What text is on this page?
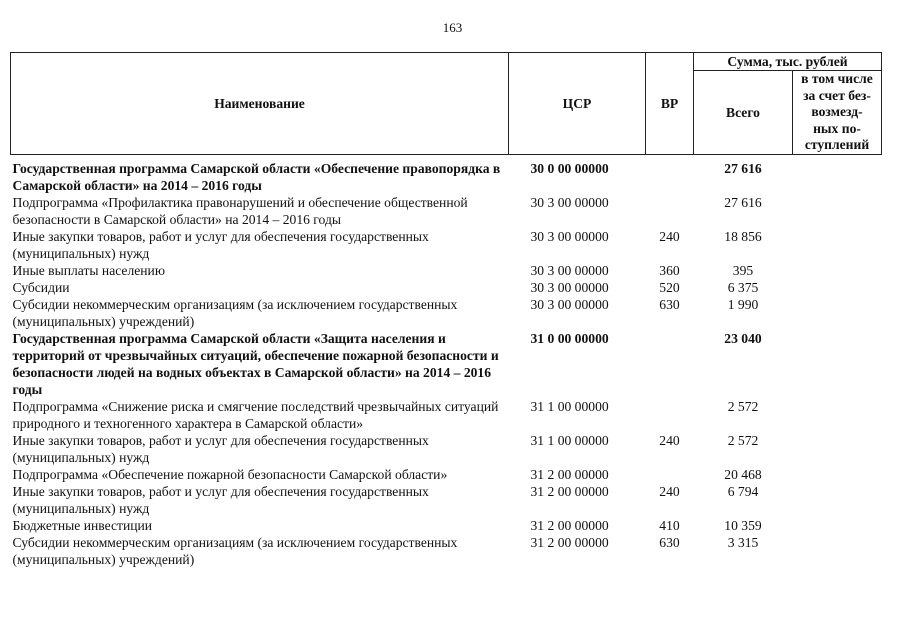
163
Наименование	ЦСР	ВР	Сумма, тыс. рублей	
			Всего	в том числе
за счет без-
возмезд-
ных по-
ступлений
Государственная программа Самарской области «Обеспечение правопорядка в Самарской области» на 2014 – 2016 годы	30 0 00 00000		27 616	
Подпрограмма «Профилактика правонарушений и обеспечение общественной безопасности в Самарской области» на 2014 – 2016 годы	30 3 00 00000		27 616	
Иные закупки товаров, работ и услуг для обеспечения государственных (муниципальных) нужд	30 3 00 00000	240	18 856	
Иные выплаты населению	30 3 00 00000	360	395	
Субсидии	30 3 00 00000	520	6 375	
Субсидии некоммерческим организациям (за исключением государственных (муниципальных) учреждений)	30 3 00 00000	630	1 990	
Государственная программа Самарской области «Защита населения и территорий от чрезвычайных ситуаций, обеспечение пожарной безопасности и безопасности людей на водных объектах в Самарской области» на 2014 – 2016 годы	31 0 00 00000		23 040	
Подпрограмма «Снижение риска и смягчение последствий чрезвычайных ситуаций природного и техногенного характера в Самарской области»	31 1 00 00000		2 572	
Иные закупки товаров, работ и услуг для обеспечения государственных (муниципальных) нужд	31 1 00 00000	240	2 572	
Подпрограмма «Обеспечение пожарной безопасности Самарской области»	31 2 00 00000		20 468	
Иные закупки товаров, работ и услуг для обеспечения государственных (муниципальных) нужд	31 2 00 00000	240	6 794	
Бюджетные инвестиции	31 2 00 00000	410	10 359	
Субсидии некоммерческим организациям (за исключением государственных (муниципальных) учреждений)	31 2 00 00000	630	3 315	
